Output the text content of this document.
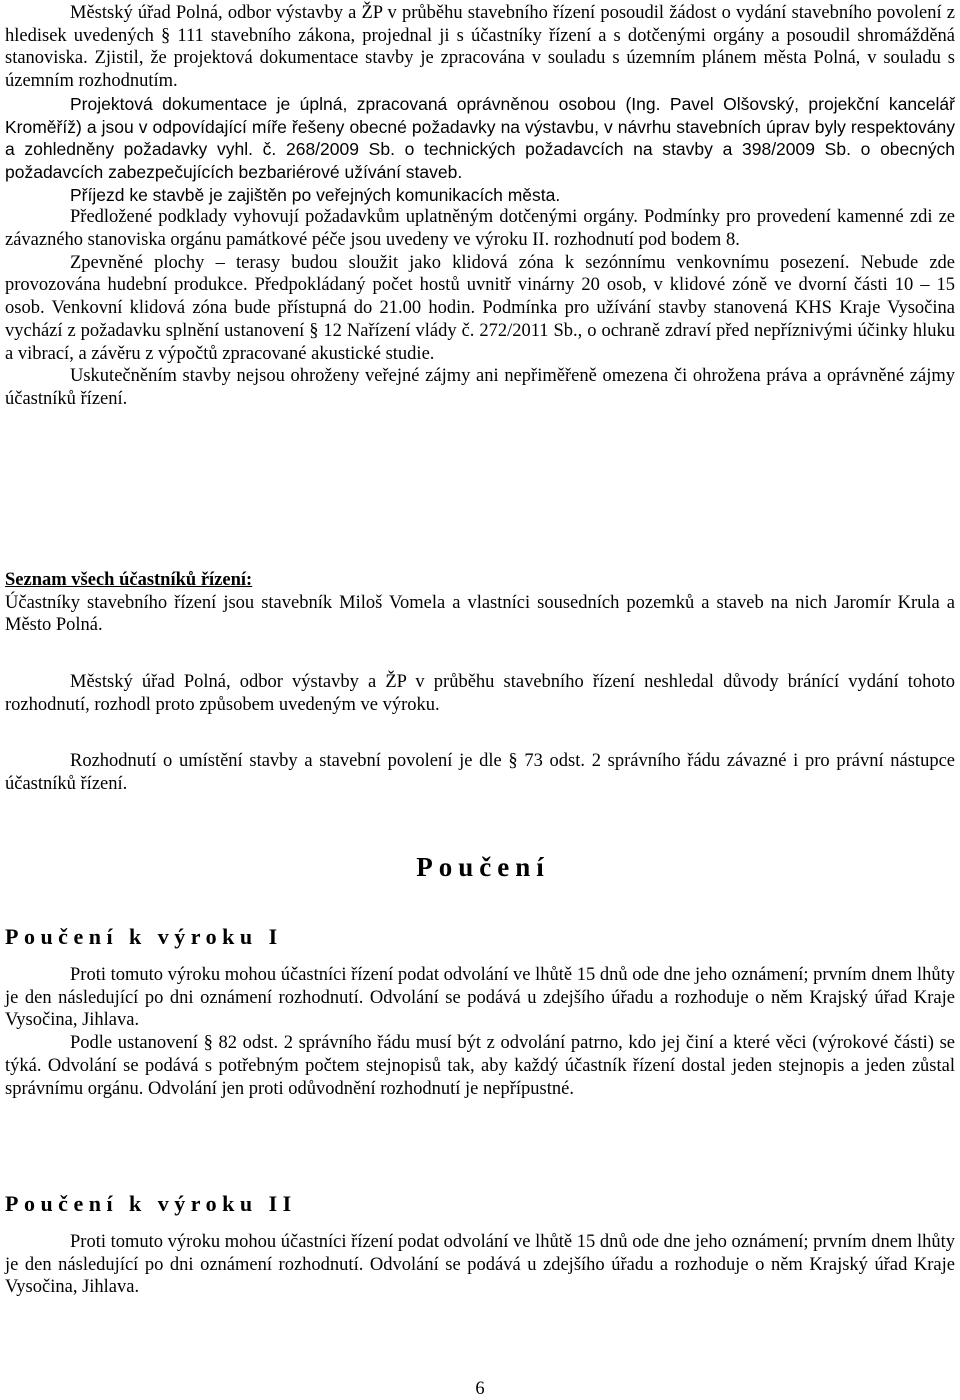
Městský úřad Polná, odbor výstavby a ŽP v průběhu stavebního řízení posoudil žádost o vydání stavebního povolení z hledisek uvedených § 111 stavebního zákona, projednal ji s účastníky řízení a s dotčenými orgány a posoudil shromážděná stanoviska. Zjistil, že projektová dokumentace stavby je zpracována v souladu s územním plánem města Polná, v souladu s územním rozhodnutím.

Projektová dokumentace je úplná, zpracovaná oprávněnou osobou (Ing. Pavel Olšovský, projekční kancelář Kroměříž) a jsou v odpovídající míře řešeny obecné požadavky na výstavbu, v návrhu stavebních úprav byly respektovány a zohledněny požadavky vyhl. č. 268/2009 Sb. o technických požadavcích na stavby a 398/2009 Sb. o obecných požadavcích zabezpečujících bezbariérové užívání staveb.

Příjezd ke stavbě je zajištěn po veřejných komunikacích města.

Předložené podklady vyhovují požadavkům uplatněným dotčenými orgány. Podmínky pro provedení kamenné zdi ze závazného stanoviska orgánu památkové péče jsou uvedeny ve výroku II. rozhodnutí pod bodem 8.

Zpevněné plochy – terasy budou sloužit jako klidová zóna k sezónnímu venkovnímu posezení. Nebude zde provozována hudební produkce. Předpokládaný počet hostů uvnitř vinárny 20 osob, v klidové zóně ve dvorní části 10 – 15 osob. Venkovní klidová zóna bude přístupná do 21.00 hodin. Podmínka pro užívání stavby stanovená KHS Kraje Vysočina vychází z požadavku splnění ustanovení § 12 Nařízení vlády č. 272/2011 Sb., o ochraně zdraví před nepříznivými účinky hluku a vibrací, a závěru z výpočtů zpracované akustické studie.

Uskutečněním stavby nejsou ohroženy veřejné zájmy ani nepřiměřeně omezena či ohrožena práva a oprávněné zájmy účastníků řízení.

Seznam všech účastníků řízení:

Účastníky stavebního řízení jsou stavebník Miloš Vomela a vlastníci sousedních pozemků a staveb na nich Jaromír Krula a Město Polná.

Městský úřad Polná, odbor výstavby a ŽP v průběhu stavebního řízení neshledal důvody bránící vydání tohoto rozhodnutí, rozhodl proto způsobem uvedeným ve výroku.

Rozhodnutí o umístění stavby a stavební povolení je dle § 73 odst. 2 správního řádu závazné i pro právní nástupce účastníků řízení.

Poučení
Poučení k výroku I

Proti tomuto výroku mohou účastníci řízení podat odvolání ve lhůtě 15 dnů ode dne jeho oznámení; prvním dnem lhůty je den následující po dni oznámení rozhodnutí. Odvolání se podává u zdejšího úřadu a rozhoduje o něm Krajský úřad Kraje Vysočina, Jihlava.

Podle ustanovení § 82 odst. 2 správního řádu musí být z odvolání patrno, kdo jej činí a které věci (výrokové části) se týká. Odvolání se podává s potřebným počtem stejnopisů tak, aby každý účastník řízení dostal jeden stejnopis a jeden zůstal správnímu orgánu. Odvolání jen proti odůvodnění rozhodnutí je nepřípustné.

Poučení k výroku II

Proti tomuto výroku mohou účastníci řízení podat odvolání ve lhůtě 15 dnů ode dne jeho oznámení; prvním dnem lhůty je den následující po dni oznámení rozhodnutí. Odvolání se podává u zdejšího úřadu a rozhoduje o něm Krajský úřad Kraje Vysočina, Jihlava.

6
